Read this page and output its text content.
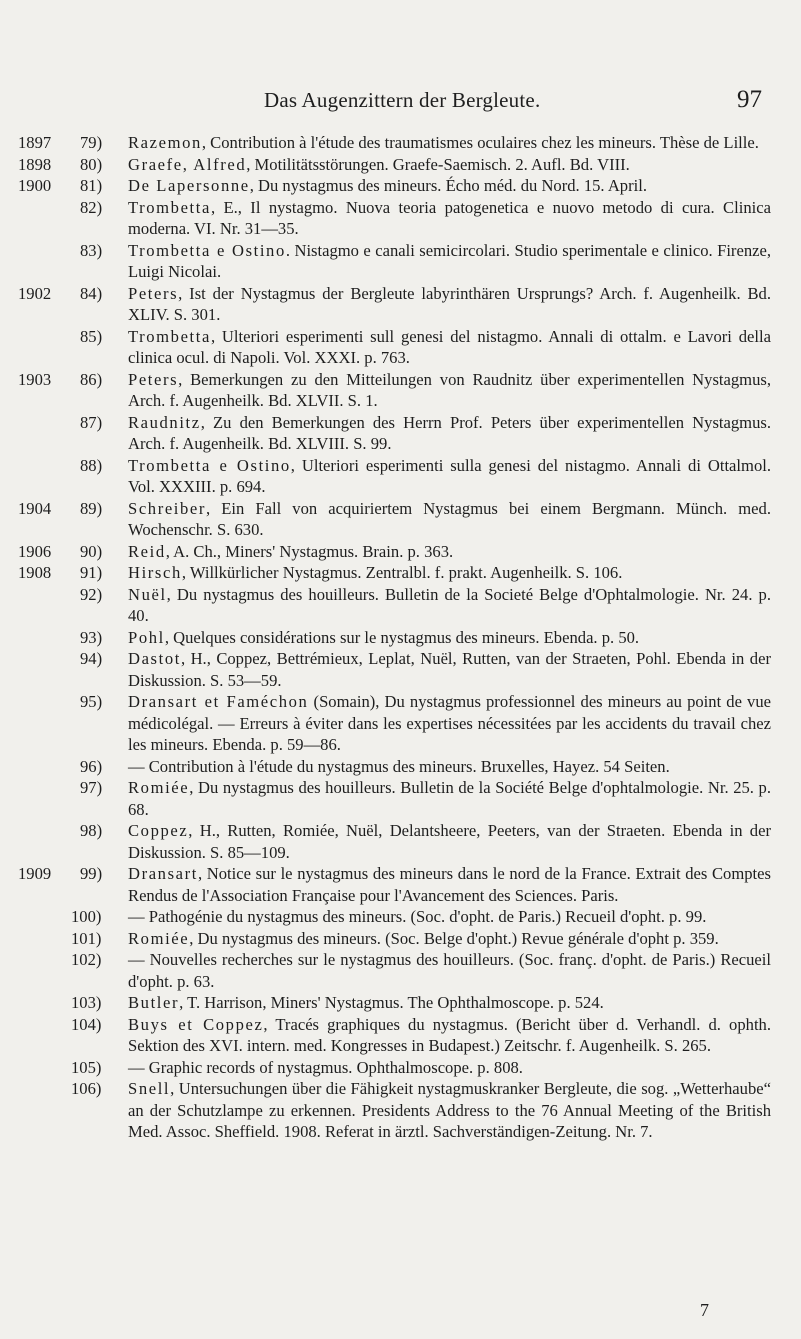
Das Augenzittern der Bergleute.	97
1897 79)	Razemon, Contribution à l'étude des traumatismes oculaires chez les mineurs. Thèse de Lille.
1898 80)	Graefe, Alfred, Motilitätsstörungen. Graefe-Saemisch. 2. Aufl. Bd. VIII.
1900 81)	De Lapersonne, Du nystagmus des mineurs. Écho méd. du Nord. 15. April.
82)	Trombetta, E., Il nystagmo. Nuova teoria patogenetica e nuovo metodo di cura. Clinica moderna. VI. Nr. 31—35.
83)	Trombetta e Ostino. Nistagmo e canali semicircolari. Studio sperimentale e clinico. Firenze, Luigi Nicolai.
1902 84)	Peters, Ist der Nystagmus der Bergleute labyrinthären Ursprungs? Arch. f. Augenheilk. Bd. XLIV. S. 301.
85)	Trombetta, Ulteriori esperimenti sull genesi del nistagmo. Annali di ottalm. e Lavori della clinica ocul. di Napoli. Vol. XXXI. p. 763.
1903 86)	Peters, Bemerkungen zu den Mitteilungen von Raudnitz über experimentellen Nystagmus, Arch. f. Augenheilk. Bd. XLVII. S. 1.
87)	Raudnitz, Zu den Bemerkungen des Herrn Prof. Peters über experimentellen Nystagmus. Arch. f. Augenheilk. Bd. XLVIII. S. 99.
88)	Trombetta e Ostino, Ulteriori esperimenti sulla genesi del nistagmo. Annali di Ottalmol. Vol. XXXIII. p. 694.
1904 89)	Schreiber, Ein Fall von acquiriertem Nystagmus bei einem Bergmann. Münch. med. Wochenschr. S. 630.
1906 90)	Reid, A. Ch., Miners' Nystagmus. Brain. p. 363.
1908 91)	Hirsch, Willkürlicher Nystagmus. Zentralbl. f. prakt. Augenheilk. S. 106.
92)	Nuël, Du nystagmus des houilleurs. Bulletin de la Societé Belge d'Ophtalmologie. Nr. 24. p. 40.
93)	Pohl, Quelques considérations sur le nystagmus des mineurs. Ebenda. p. 50.
94)	Dastot, H., Coppez, Bettrémieux, Leplat, Nuël, Rutten, van der Straeten, Pohl. Ebenda in der Diskussion. S. 53—59.
95)	Dransart et Faméchon (Somain), Du nystagmus professionnel des mineurs au point de vue médicolégal. — Erreurs à éviter dans les expertises nécessitées par les accidents du travail chez les mineurs. Ebenda. p. 59—86.
96)	— Contribution à l'étude du nystagmus des mineurs. Bruxelles, Hayez. 54 Seiten.
97)	Romiée, Du nystagmus des houilleurs. Bulletin de la Société Belge d'ophtalmologie. Nr. 25. p. 68.
98)	Coppez, H., Rutten, Romiée, Nuël, Delantsheere, Peeters, van der Straeten. Ebenda in der Diskussion. S. 85—109.
1909 99)	Dransart, Notice sur le nystagmus des mineurs dans le nord de la France. Extrait des Comptes Rendus de l'Association Française pour l'Avancement des Sciences. Paris.
100)	— Pathogénie du nystagmus des mineurs. (Soc. d'opht. de Paris.) Recueil d'opht. p. 99.
101)	Romiée, Du nystagmus des mineurs. (Soc. Belge d'opht.) Revue générale d'opht p. 359.
102)	— Nouvelles recherches sur le nystagmus des houilleurs. (Soc. franç. d'opht. de Paris.) Recueil d'opht. p. 63.
103)	Butler, T. Harrison, Miners' Nystagmus. The Ophthalmoscope. p. 524.
104)	Buys et Coppez, Tracés graphiques du nystagmus. (Bericht über d. Verhandl. d. ophth. Sektion des XVI. intern. med. Kongresses in Budapest.) Zeitschr. f. Augenheilk. S. 265.
105)	— Graphic records of nystagmus. Ophthalmoscope. p. 808.
106)	Snell, Untersuchungen über die Fähigkeit nystagmuskranker Bergleute, die sog. „Wetterhaube“ an der Schutzlampe zu erkennen. Presidents Address to the 76 Annual Meeting of the British Med. Assoc. Sheffield. 1908. Referat in ärztl. Sachverständigen-Zeitung. Nr. 7.
7
